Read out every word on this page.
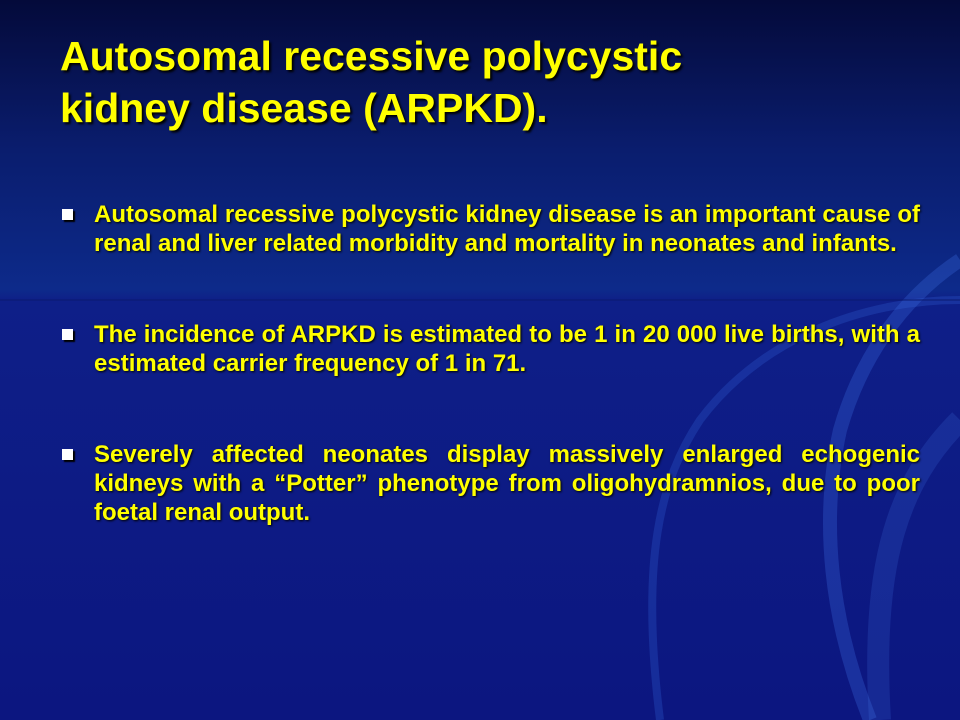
Autosomal recessive polycystic
kidney disease (ARPKD).
Autosomal recessive polycystic kidney disease is an important cause of renal and liver related morbidity and mortality in neonates and infants.
The incidence of ARPKD is estimated to be 1 in 20 000 live births, with a estimated carrier frequency of 1 in 71.
Severely affected neonates display massively enlarged echogenic kidneys with a “Potter” phenotype from oligohydramnios, due to poor foetal renal output.
